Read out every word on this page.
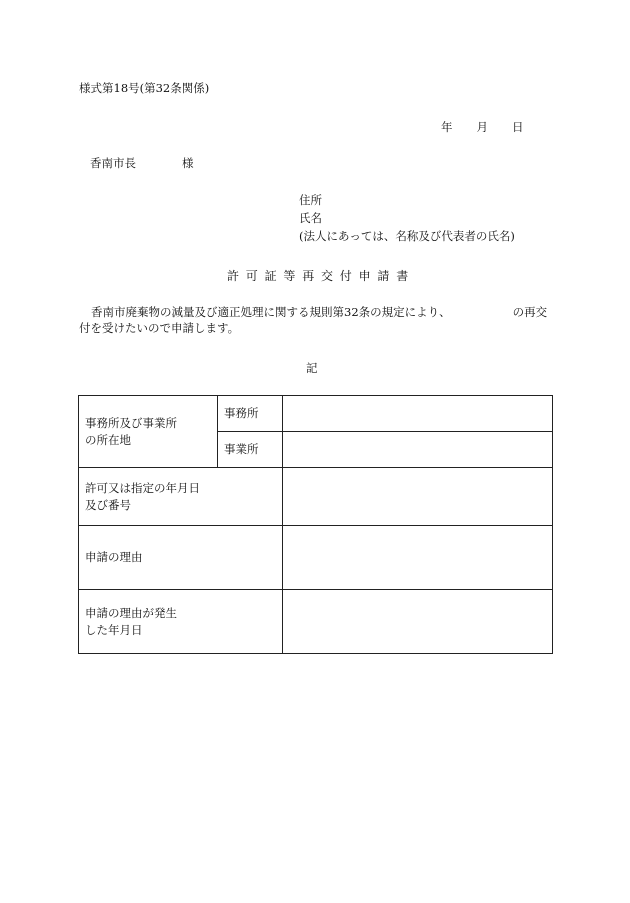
様式第18号(第32条関係)
年 月 日
香南市長	様
住所
氏名
(法人にあっては、名称及び代表者の氏名)
許可証等再交付申請書
香南市廃棄物の減量及び適正処理に関する規則第32条の規定により、	の再交
付を受けたいので申請します。
記
事務所及び事業所
の所在地	事務所	
	事業所	

許可又は指定の年月日
及び番号		

申請の理由		

申請の理由が発生
した年月日		
